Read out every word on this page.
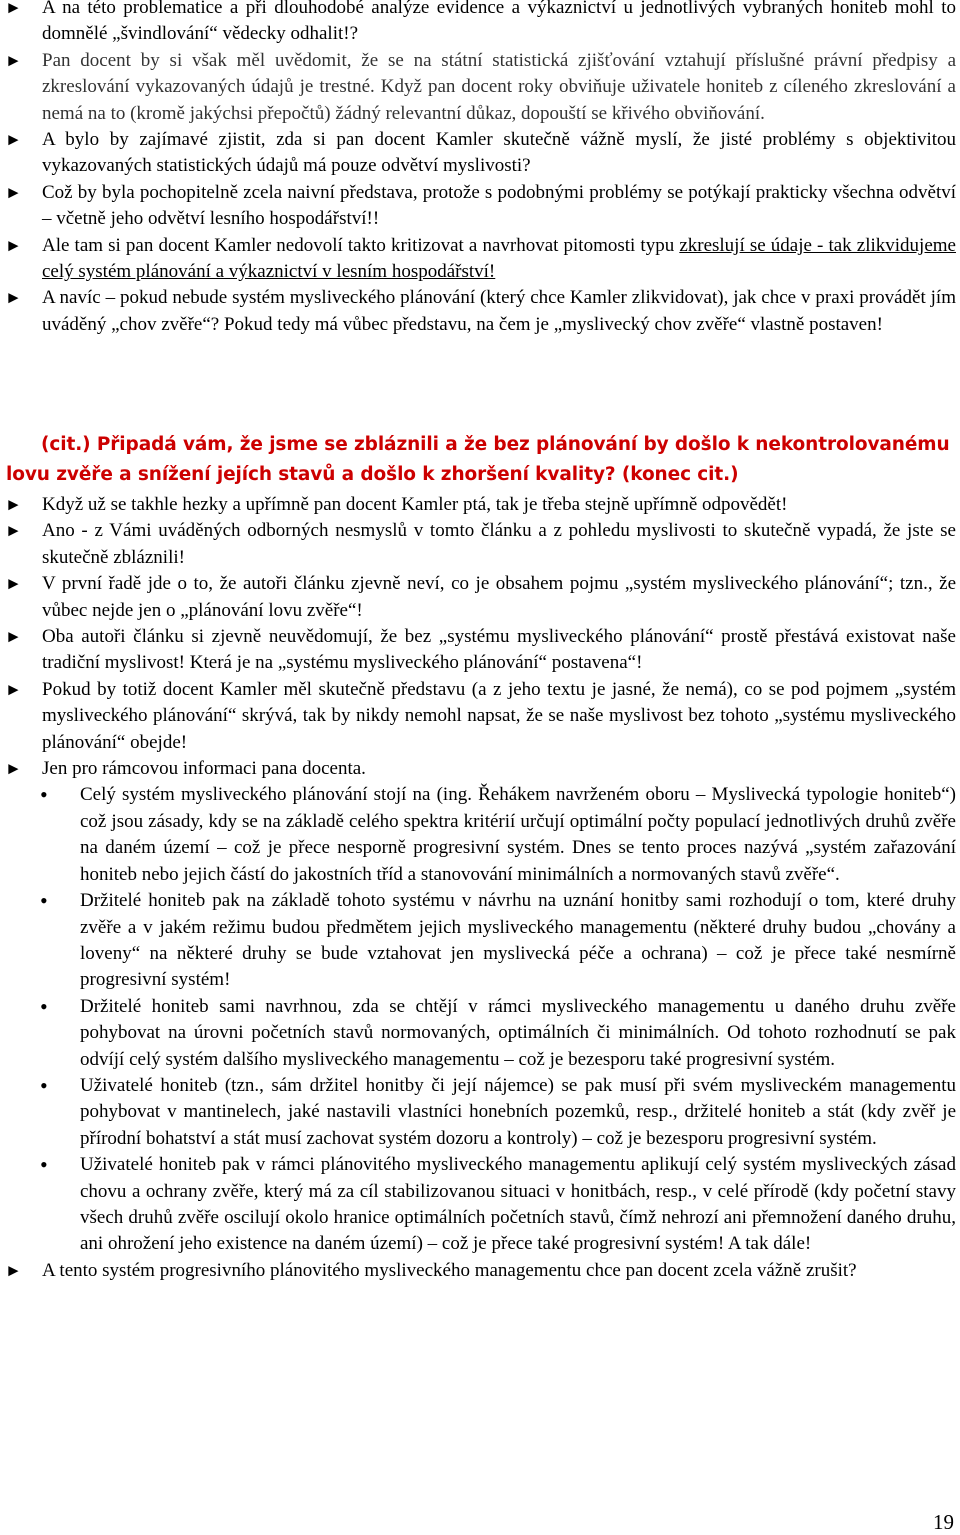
► A na této problematice a při dlouhodobé analýze evidence a výkaznictví u jednotlivých vybraných honiteb mohl to domnělé „švindlování“ vědecky odhalit!?
► Pan docent by si však měl uvědomit, že se na státní statistická zjišťování vztahují příslušné právní předpisy a zkreslování vykazovaných údajů je trestné. Když pan docent roky obviňuje uživatele honiteb z cíleného zkreslování a nemá na to (kromě jakýchsi přepočtů) žádný relevantní důkaz, dopouští se křivého obviňování.
► A bylo by zajímavé zjistit, zda si pan docent Kamler skutečně vážně myslí, že jisté problémy s objektivitou vykazovaných statistických údajů má pouze odvětví myslivosti?
► Což by byla pochopitelně zcela naivní představa, protože s podobnými problémy se potýkají prakticky všechna odvětví – včetně jeho odvětví lesního hospodářství!!
► Ale tam si pan docent Kamler nedovolí takto kritizovat a navrhovat pitomosti typu zkreslují se údaje - tak zlikvidujeme celý systém plánování a výkaznictví v lesním hospodářství!
► A navíc – pokud nebude systém mysliveckého plánování (který chce Kamler zlikvidovat), jak chce v praxi provádět jím uváděný „chov zvěře“? Pokud tedy má vůbec představu, na čem je „myslivecký chov zvěře“ vlastně postaven!
(cit.) Připadá vám, že jsme se zbláznili a že bez plánování by došlo k nekontrolovanému
lovu zvěře a snížení jejích stavů a došlo k zhoršení kvality? (konec cit.)
► Když už se takhle hezky a upřímně pan docent Kamler ptá, tak je třeba stejně upřímně odpovědět!
► Ano - z Vámi uváděných odborných nesmyslů v tomto článku a z pohledu myslivosti to skutečně vypadá, že jste se skutečně zbláznili!
► V první řadě jde o to, že autoři článku zjevně neví, co je obsahem pojmu „systém mysliveckého plánování“; tzn., že vůbec nejde jen o „plánování lovu zvěře“!
► Oba autoři článku si zjevně neuvědomují, že bez „systému mysliveckého plánování“ prostě přestává existovat naše tradiční myslivost! Která je na „systému mysliveckého plánování“ postavena“!
► Pokud by totiž docent Kamler měl skutečně představu (a z jeho textu je jasné, že nemá), co se pod pojmem „systém mysliveckého plánování“ skrývá, tak by nikdy nemohl napsat, že se naše myslivost bez tohoto „systému mysliveckého plánování“ obejde!
► Jen pro rámcovou informaci pana docenta.
• Celý systém mysliveckého plánování stojí na (ing. Řehákem navrženém oboru – Myslivecká typologie honiteb“) což jsou zásady, kdy se na základě celého spektra kritérií určují optimální počty populací jednotlivých druhů zvěře na daném území – což je přece nesporně progresivní systém. Dnes se tento proces nazývá „systém zařazování honiteb nebo jejich částí do jakostních tříd a stanovování minimálních a normovaných stavů zvěře“.
• Držitelé honiteb pak na základě tohoto systému v návrhu na uznání honitby sami rozhodují o tom, které druhy zvěře a v jakém režimu budou předmětem jejich mysliveckého managementu (některé druhy budou „chovány a loveny“ na některé druhy se bude vztahovat jen myslivecká péče a ochrana) – což je přece také nesmírně progresivní systém!
• Držitelé honiteb sami navrhnou, zda se chtějí v rámci mysliveckého managementu u daného druhu zvěře pohybovat na úrovni početních stavů normovaných, optimálních či minimálních. Od tohoto rozhodnutí se pak odvíjí celý systém dalšího mysliveckého managementu – což je bezesporu také progresivní systém.
• Uživatelé honiteb (tzn., sám držitel honitby či její nájemce) se pak musí při svém mysliveckém managementu pohybovat v mantinelech, jaké nastavili vlastníci honebních pozemků, resp., držitelé honiteb a stát (kdy zvěř je přírodní bohatství a stát musí zachovat systém dozoru a kontroly) – což je bezesporu progresivní systém.
• Uživatelé honiteb pak v rámci plánovitého mysliveckého managementu aplikují celý systém mysliveckých zásad chovu a ochrany zvěře, který má za cíl stabilizovanou situaci v honitbách, resp., v celé přírodě (kdy početní stavy všech druhů zvěře oscilují okolo hranice optimálních početních stavů, čímž nehrozí ani přemnožení daného druhu, ani ohrožení jeho existence na daném území) – což je přece také progresivní systém! A tak dále!
► A tento systém progresivního plánovitého mysliveckého managementu chce pan docent zcela vážně zrušit?
19
